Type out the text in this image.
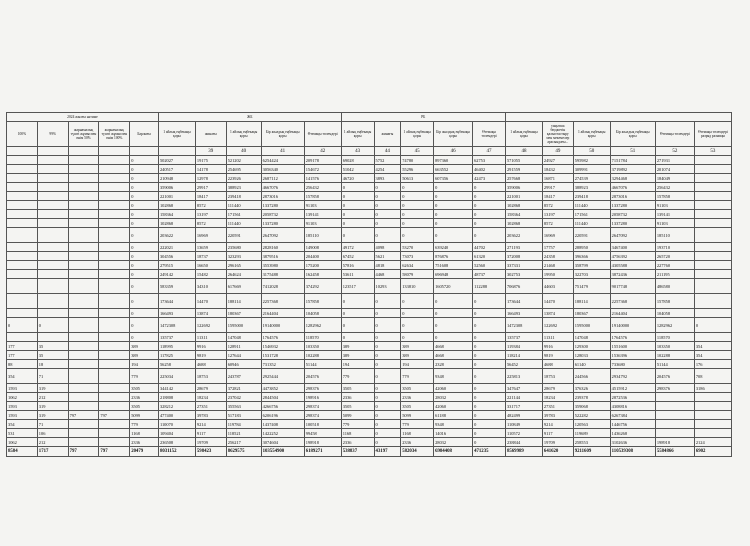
2024 жылғы нәтиже					ЖБ					РБ										
100%	99%	жарнамалық түшті жұмыспен өнім 50%	жарнамалық түшті жұмыспен өнім 100%	Барлығы	1 айлық еңбекақы қоры	жинағы	1 айлық еңбекақы қоры	Бір жылдық еңбекақы қоры	Өтемақы төлемдері	1 айлық еңбекақы қоры	жинағы	1 айлық еңбекақы қоры	Бір жылдық еңбекақы қоры	Өтемақы төлемдері	1 айлық еңбекақы қоры	уақытша бюджетін қалыптастыру мен мекемелер арасындағы...	1 айлық еңбекақы қоры	Бір жылдық еңбекақы қоры	Өтемақы төлемдері	Өтемақы төлемдері разряд разницы
						39	40	41	42	43	44	45	46	47	48	49	50	51	52	53
				0	502027	19175	521202	6254424	209178	69028	5752	74780	897360	62753	571055	24927	595982	7151784	271931	
				0	240517	14178	254695	3056340	154672	51042	4254	55296	663552	46402	291559	18432	309991	3719892	201074	
				0	210948	12978	223926	2687112	141576	46720	3893	50613	607356	42473	257668	16871	274539	3294468	184049	
				0	359006	29917	388923	4667076	256432	0	0	0	0	0	359006	29917	388923	4667076	256432	
				0	221001	18417	239418	2873016	157858	0	0	0	0	0	221001	18417	239418	2873016	157858	
				0	102868	8572	111440	1337280	91103	0	0	0	0	0	102868	8572	111440	1337280	91103	
				0	158364	13197	171561	2058732	139141	0	0	0	0	0	158364	13197	171561	2058732	139141	
				0	102868	8572	111440	1337280	91103	0	0	0	0	0	102868	8572	111440	1337280	91103	
				0	203622	16969	220591	2647092	185110	0	0	0	0	0	203622	16969	220591	2647092	185110	
				0	222021	13659	235680	2828160	149008	49172	4098	53270	639240	44702	271193	17757	288950	3467400	193710	
				0	304556	18737	323293	3879516	204400	67452	5621	73073	876876	61320	372008	24358	396366	4756392	265720	
				0	279515	16650	296165	3553980	175200	57816	4818	62634	751608	52560	337331	21468	358799	4305588	227760	
				0	249142	15482	264624	3175488	162458	53611	4468	58079	696948	48737	302753	19950	322703	3872436	211195	
				0	583359	34310	617669	7412028	374292	123517	10293	133810	1605720	112288	706876	44603	751479	9017748	486580	
				0	173644	14470	188114	2257368	157858	0	0	0	0	0	173644	14470	188114	2257368	157858	
				0	166493	13874	180367	2164404	104058	0	0	0	0	0	166493	13874	180367	2164404	104058	
0	0			0	1472308	122692	1595000	19140000	1282962	0	0	0	0	0	1472308	122692	1595000	19140000	1282962	0
				0	135737	11311	147048	1764576	118570	0	0	0	0	0	135737	11311	147048	1764576	118570	
177	35			389	118995	9916	128911	1546932	103350	389	0	389	4668	0	119384	9916	129300	1551600	103350	354
177	35			389	117825	9819	127644	1531728	102288	389	0	389	4668	0	118214	9819	128033	1536396	102288	354
88	18			194	56258	4688	60946	731352	51144	194	0	194	2328	0	56452	4688	61140	733680	51144	176
354	71			779	225034	18753	243787	2925444	204576	779	0	779	9348	0	225813	18753	244566	2934792	204576	708
1593	319			3505	344142	28679	372821	4473852	298376	3505	0	3505	42060	0	347647	28679	376326	4515912	298376	3186
1062	212			2336	218808	18234	237042	2844504	198916	2336	0	2336	28032	0	221144	18234	239378	2872536		
1593	319			3505	328212	27351	355563	4266756	298374	3505	0	3505	42060	0	331717	27351	359068	4308816		
1593	319	797	797	5099	477400	39783	517183	6206196	298374	5099	0	5099	61188	0	482499	39783	522282	6267384		
354	71			779	110070	9214	119784	1437408	100518	779	0	779	9348	0	110849	9214	120563	1446756		
531	106			1168	109404	9117	118521	1422252	99458	1168	0	1168	14016	0	110572	9117	119689	1436268		
1062	212			2336	236508	19709	256217	3074604	198918	2336	0	2336	28032	0	238844	19709	258553	3102636	198918	2124
8584	1717	797	797	20479	8031152	598423	8629575	103554900	6189271	538837	43197	582034	6984408	471235	8569989	641620	9211609	110539308	5584866	6902
